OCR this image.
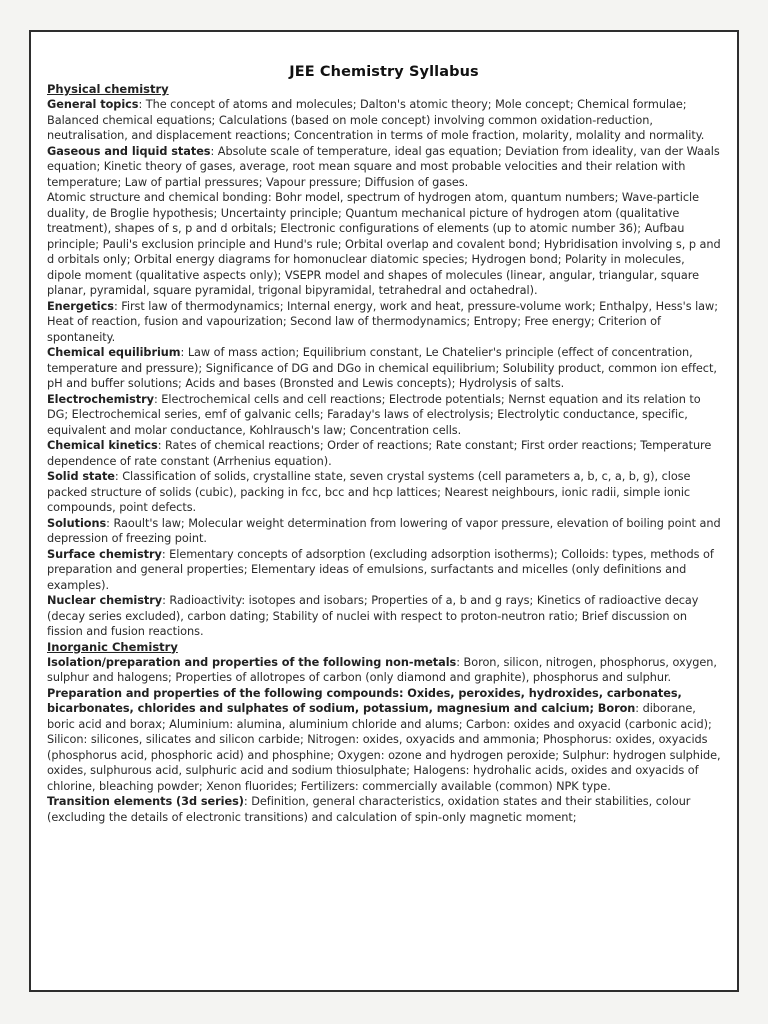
JEE Chemistry Syllabus
Physical chemistry

General topics: The concept of atoms and molecules; Dalton's atomic theory; Mole concept; Chemical formulae; Balanced chemical equations; Calculations (based on mole concept) involving common oxidation-reduction, neutralisation, and displacement reactions; Concentration in terms of mole fraction, molarity, molality and normality.

Gaseous and liquid states: Absolute scale of temperature, ideal gas equation; Deviation from ideality, van der Waals equation; Kinetic theory of gases, average, root mean square and most probable velocities and their relation with temperature; Law of partial pressures; Vapour pressure; Diffusion of gases.

Atomic structure and chemical bonding: Bohr model, spectrum of hydrogen atom, quantum numbers; Wave-particle duality, de Broglie hypothesis; Uncertainty principle; Quantum mechanical picture of hydrogen atom (qualitative treatment), shapes of s, p and d orbitals; Electronic configurations of elements (up to atomic number 36); Aufbau principle; Pauli's exclusion principle and Hund's rule; Orbital overlap and covalent bond; Hybridisation involving s, p and d orbitals only; Orbital energy diagrams for homonuclear diatomic species; Hydrogen bond; Polarity in molecules, dipole moment (qualitative aspects only); VSEPR model and shapes of molecules (linear, angular, triangular, square planar, pyramidal, square pyramidal, trigonal bipyramidal, tetrahedral and octahedral).

Energetics: First law of thermodynamics; Internal energy, work and heat, pressure-volume work; Enthalpy, Hess's law; Heat of reaction, fusion and vapourization; Second law of thermodynamics; Entropy; Free energy; Criterion of spontaneity.

Chemical equilibrium: Law of mass action; Equilibrium constant, Le Chatelier's principle (effect of concentration, temperature and pressure); Significance of DG and DGo in chemical equilibrium; Solubility product, common ion effect, pH and buffer solutions; Acids and bases (Bronsted and Lewis concepts); Hydrolysis of salts.

Electrochemistry: Electrochemical cells and cell reactions; Electrode potentials; Nernst equation and its relation to DG; Electrochemical series, emf of galvanic cells; Faraday's laws of electrolysis; Electrolytic conductance, specific, equivalent and molar conductance, Kohlrausch's law; Concentration cells.

Chemical kinetics: Rates of chemical reactions; Order of reactions; Rate constant; First order reactions; Temperature dependence of rate constant (Arrhenius equation).

Solid state: Classification of solids, crystalline state, seven crystal systems (cell parameters a, b, c, a, b, g), close packed structure of solids (cubic), packing in fcc, bcc and hcp lattices; Nearest neighbours, ionic radii, simple ionic compounds, point defects.

Solutions: Raoult's law; Molecular weight determination from lowering of vapor pressure, elevation of boiling point and depression of freezing point.

Surface chemistry: Elementary concepts of adsorption (excluding adsorption isotherms); Colloids: types, methods of preparation and general properties; Elementary ideas of emulsions, surfactants and micelles (only definitions and examples).

Nuclear chemistry: Radioactivity: isotopes and isobars; Properties of a, b and g rays; Kinetics of radioactive decay (decay series excluded), carbon dating; Stability of nuclei with respect to proton-neutron ratio; Brief discussion on fission and fusion reactions.

Inorganic Chemistry

Isolation/preparation and properties of the following non-metals: Boron, silicon, nitrogen, phosphorus, oxygen, sulphur and halogens; Properties of allotropes of carbon (only diamond and graphite), phosphorus and sulphur.

Preparation and properties of the following compounds: Oxides, peroxides, hydroxides, carbonates, bicarbonates, chlorides and sulphates of sodium, potassium, magnesium and calcium; Boron: diborane, boric acid and borax; Aluminium: alumina, aluminium chloride and alums; Carbon: oxides and oxyacid (carbonic acid); Silicon: silicones, silicates and silicon carbide; Nitrogen: oxides, oxyacids and ammonia; Phosphorus: oxides, oxyacids (phosphorus acid, phosphoric acid) and phosphine; Oxygen: ozone and hydrogen peroxide; Sulphur: hydrogen sulphide, oxides, sulphurous acid, sulphuric acid and sodium thiosulphate; Halogens: hydrohalic acids, oxides and oxyacids of chlorine, bleaching powder; Xenon fluorides; Fertilizers: commercially available (common) NPK type.

Transition elements (3d series): Definition, general characteristics, oxidation states and their stabilities, colour (excluding the details of electronic transitions) and calculation of spin-only magnetic moment;
